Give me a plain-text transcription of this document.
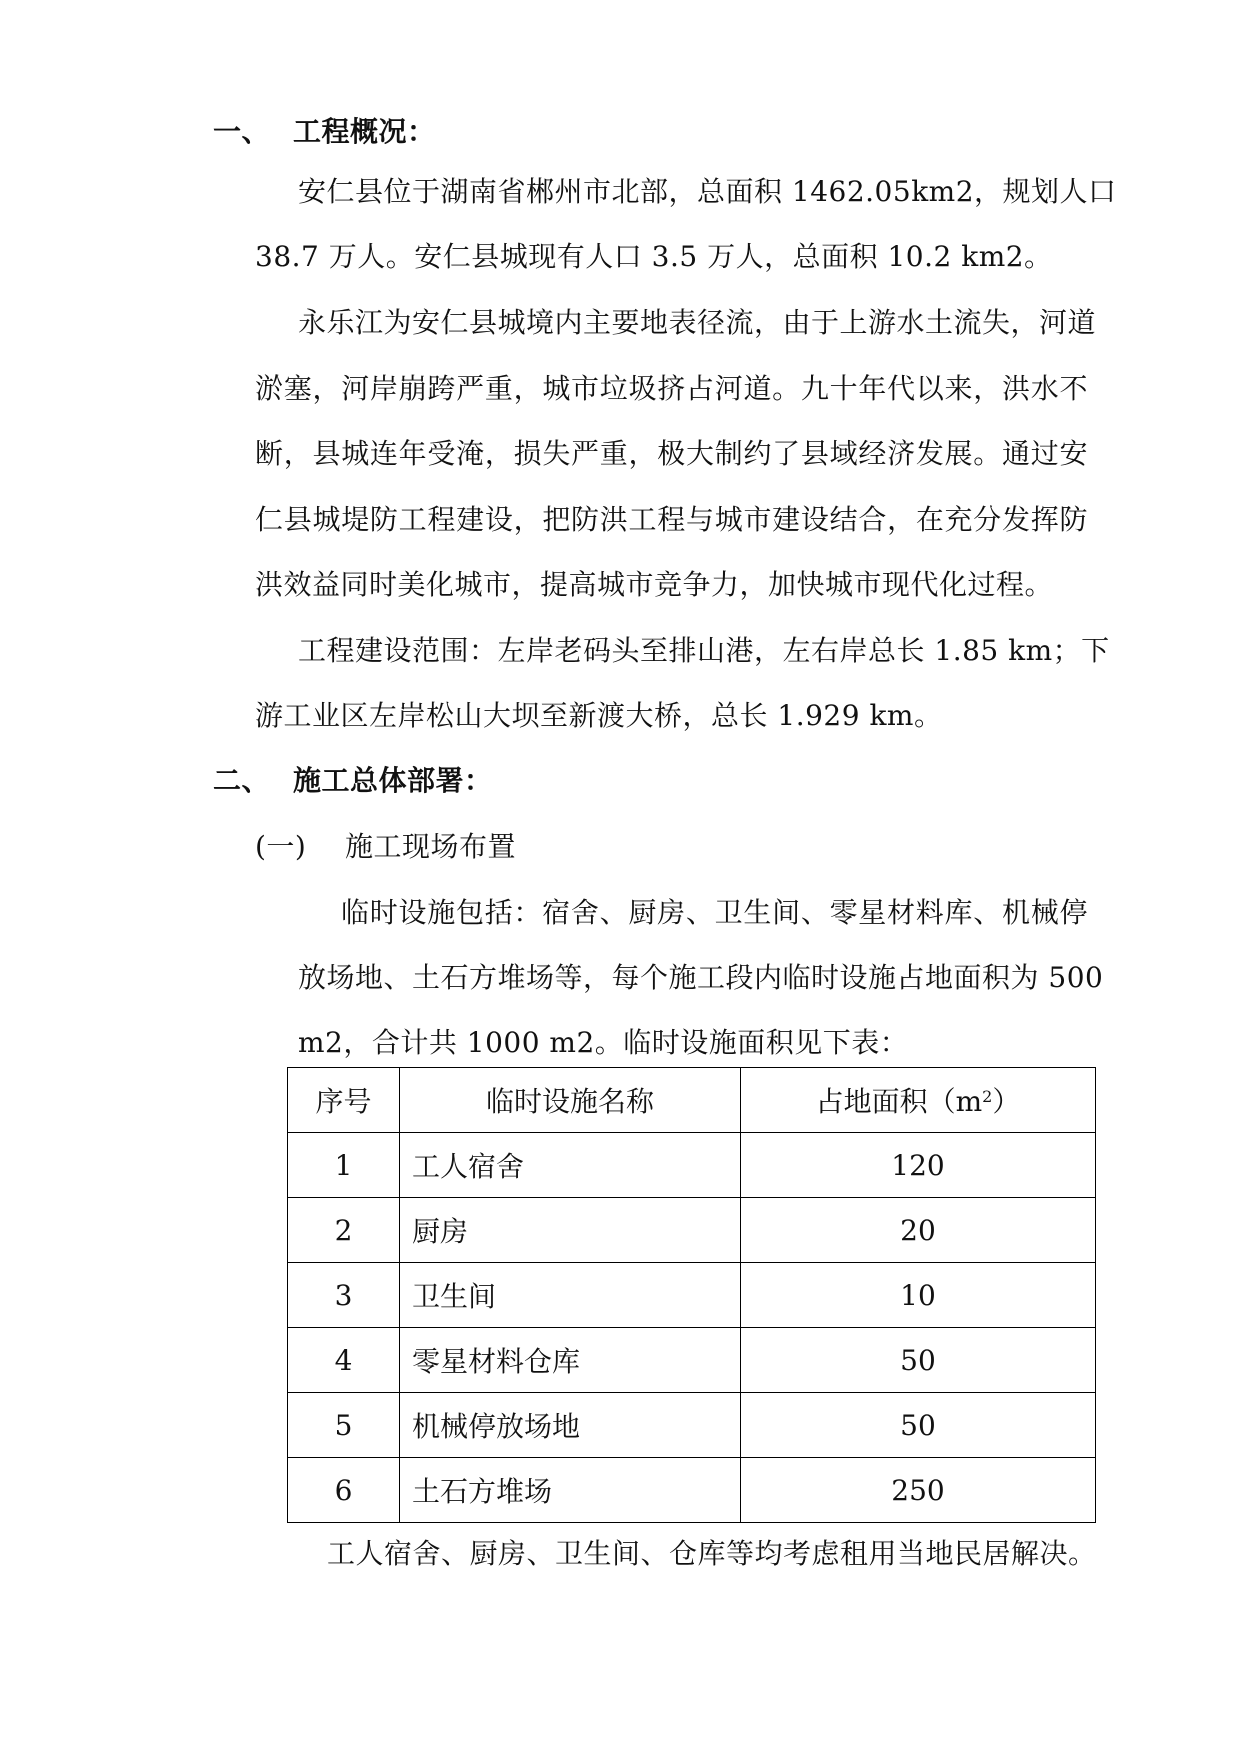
一、 工程概况：
安仁县位于湖南省郴州市北部，总面积 1462.05km2，规划人口
38.7 万人。安仁县城现有人口 3.5 万人，总面积 10.2 km2。
永乐江为安仁县城境内主要地表径流，由于上游水土流失，河道
淤塞，河岸崩跨严重，城市垃圾挤占河道。九十年代以来，洪水不
断，县城连年受淹，损失严重，极大制约了县域经济发展。通过安
仁县城堤防工程建设，把防洪工程与城市建设结合，在充分发挥防
洪效益同时美化城市，提高城市竞争力，加快城市现代化过程。
工程建设范围：左岸老码头至排山港，左右岸总长 1.85 km；下
游工业区左岸松山大坝至新渡大桥，总长 1.929 km。
二、 施工总体部署：
(一) 施工现场布置
临时设施包括：宿舍、厨房、卫生间、零星材料库、机械停
放场地、土石方堆场等，每个施工段内临时设施占地面积为 500
m2，合计共 1000 m2。临时设施面积见下表：
序号	临时设施名称	占地面积$(m^2)$
1	工人宿舍	120
2	厨房	20
3	卫生间	10
4	零星材料仓库	50
5	机械停放场地	50
6	土石方堆场	250
工人宿舍、厨房、卫生间、仓库等均考虑租用当地民居解决。
